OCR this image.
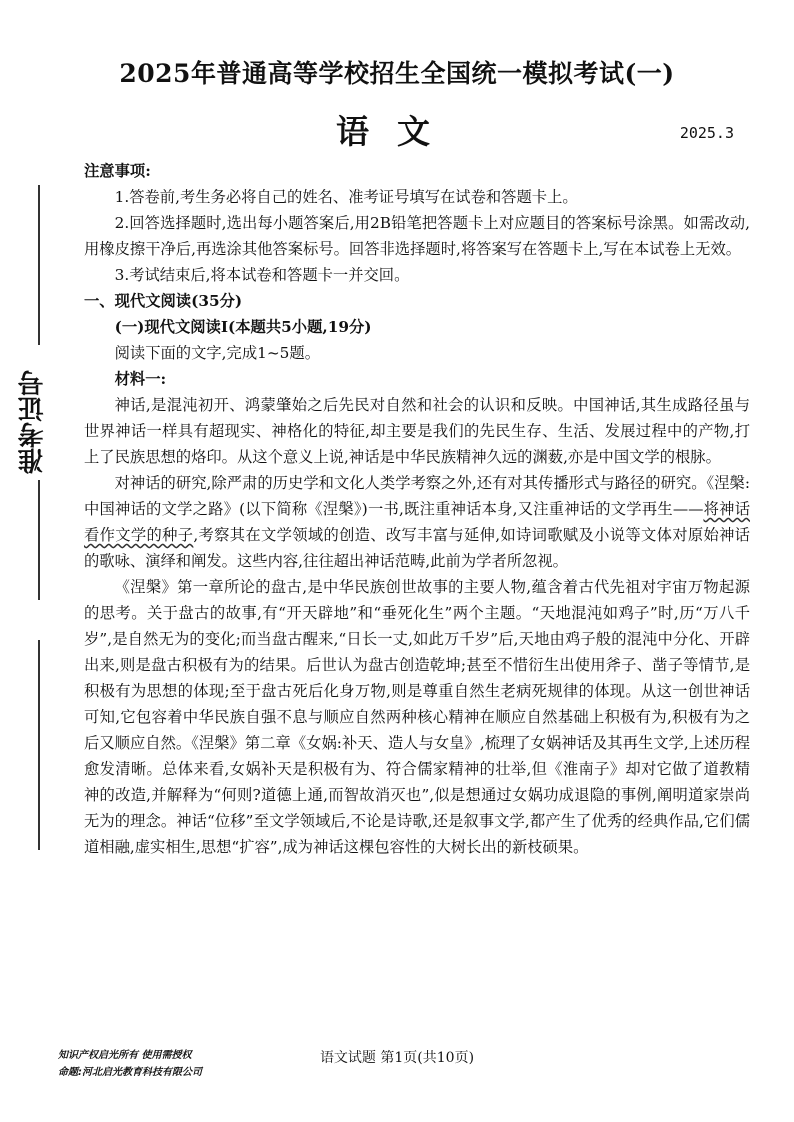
2025年普通高等学校招生全国统一模拟考试(一)
语文	2025.3
准考证号

注意事项:

1.答卷前,考生务必将自己的姓名、准考证号填写在试卷和答题卡上。

2.回答选择题时,选出每小题答案后,用2B铅笔把答题卡上对应题目的答案标号涂黑。如需改动,用橡皮擦干净后,再选涂其他答案标号。回答非选择题时,将答案写在答题卡上,写在本试卷上无效。

3.考试结束后,将本试卷和答题卡一并交回。

一、现代文阅读(35分)

(一)现代文阅读Ⅰ(本题共5小题,19分)

阅读下面的文字,完成1~5题。

材料一:

神话,是混沌初开、鸿蒙肇始之后先民对自然和社会的认识和反映。中国神话,其生成路径虽与世界神话一样具有超现实、神格化的特征,却主要是我们的先民生存、生活、发展过程中的产物,打上了民族思想的烙印。从这个意义上说,神话是中华民族精神久远的渊薮,亦是中国文学的根脉。

对神话的研究,除严肃的历史学和文化人类学考察之外,还有对其传播形式与路径的研究。《涅槃:中国神话的文学之路》(以下简称《涅槃》)一书,既注重神话本身,又注重神话的文学再生——将神话看作文学的种子,考察其在文学领域的创造、改写丰富与延伸,如诗词歌赋及小说等文体对原始神话的歌咏、演绎和阐发。这些内容,往往超出神话范畴,此前为学者所忽视。

《涅槃》第一章所论的盘古,是中华民族创世故事的主要人物,蕴含着古代先祖对宇宙万物起源的思考。关于盘古的故事,有“开天辟地”和“垂死化生”两个主题。“天地混沌如鸡子”时,历“万八千岁”,是自然无为的变化;而当盘古醒来,“日长一丈,如此万千岁”后,天地由鸡子般的混沌中分化、开辟出来,则是盘古积极有为的结果。后世认为盘古创造乾坤;甚至不惜衍生出使用斧子、凿子等情节,是积极有为思想的体现;至于盘古死后化身万物,则是尊重自然生老病死规律的体现。从这一创世神话可知,它包容着中华民族自强不息与顺应自然两种核心精神在顺应自然基础上积极有为,积极有为之后又顺应自然。《涅槃》第二章《女娲:补天、造人与女皇》,梳理了女娲神话及其再生文学,上述历程愈发清晰。总体来看,女娲补天是积极有为、符合儒家精神的壮举,但《淮南子》却对它做了道教精神的改造,并解释为“何则?道德上通,而智故消灭也”,似是想通过女娲功成退隐的事例,阐明道家崇尚无为的理念。神话“位移”至文学领域后,不论是诗歌,还是叙事文学,都产生了优秀的经典作品,它们儒道相融,虚实相生,思想“扩容”,成为神话这棵包容性的大树长出的新枝硕果。

知识产权启光所有 使用需授权
命题:河北启光教育科技有限公司
语文试题 第1页(共10页)
